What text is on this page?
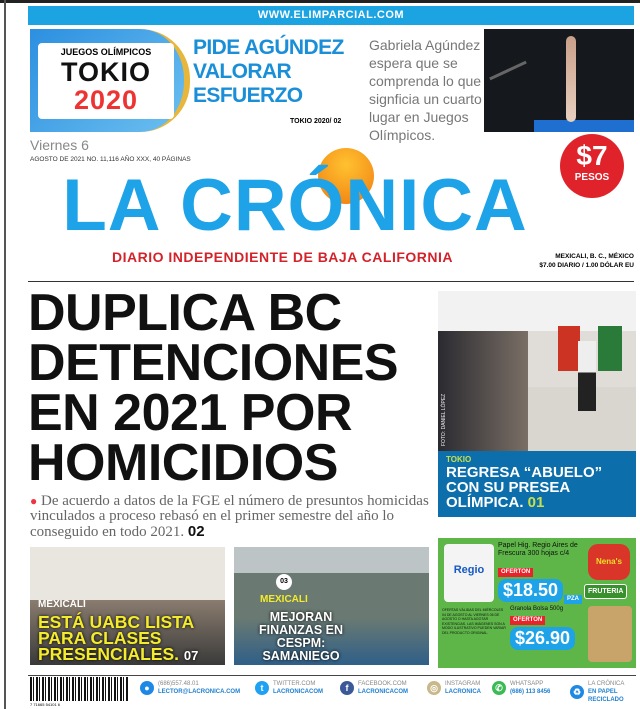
WWW.ELIMPARCIAL.COM
JUEGOS OLÍMPICOS
TOKIO
2020
PIDE AGÚNDEZ VALORAR ESFUERZO
TOKIO 2020/ 02
Gabriela Agúndez espera que se comprenda lo que signficia un cuarto lugar en Juegos Olímpicos.
Viernes 6
AGOSTO DE 2021 NO. 11,116 AÑO XXX, 40 PÁGINAS
LA CRÓNICA
$7
PESOS
DIARIO INDEPENDIENTE DE BAJA CALIFORNIA	MEXICALI, B. C., MÉXICO
$7.00 DIARIO / 1.00 DÓLAR EU
DUPLICA BC DETENCIONES EN 2021 POR HOMICIDIOS
● De acuerdo a datos de la FGE el número de presuntos homicidas vinculados a proceso rebasó en el primer semestre del año lo conseguido en todo 2021. 02
FOTO: DANIEL LÓPEZ
TOKIO
REGRESA “ABUELO” CON SU PRESEA OLÍMPICA. 01
MEXICALI
ESTÁ UABC LISTA PARA CLASES PRESENCIALES. 07
03
MEXICALI
MEJORAN FINANZAS EN CESPM: SAMANIEGO
Regio
Papel Hig. Regio Aires de Frescura 300 hojas c/4
OFERTON
$18.50	PZA
Nena's
FRUTERIA
Granola Bolsa 500g
OFERTON
$26.90
OFERTAS VÁLIDAS DEL MIÉRCOLES 04 DE AGOSTO AL VIERNES 06 DE AGOSTO O HASTA AGOTAR EXISTENCIAS. LAS IMÁGENES SON A MODO ILUSTRATIVO PUEDEN VARIAR DEL PRODUCTO ORIGINAL.
7 71665 54101 6
●	(686)557.48.01
LECTOR@LACRONICA.COM	t	TWITTER.COM
LACRONICACOM	f	FACEBOOK.COM
LACRONICACOM	◎	INSTAGRAM
LACRONICA	✆	WHATSAPP
(686) 113 8456	♻
LA CRÓNICA
EN PAPEL RECICLADO
